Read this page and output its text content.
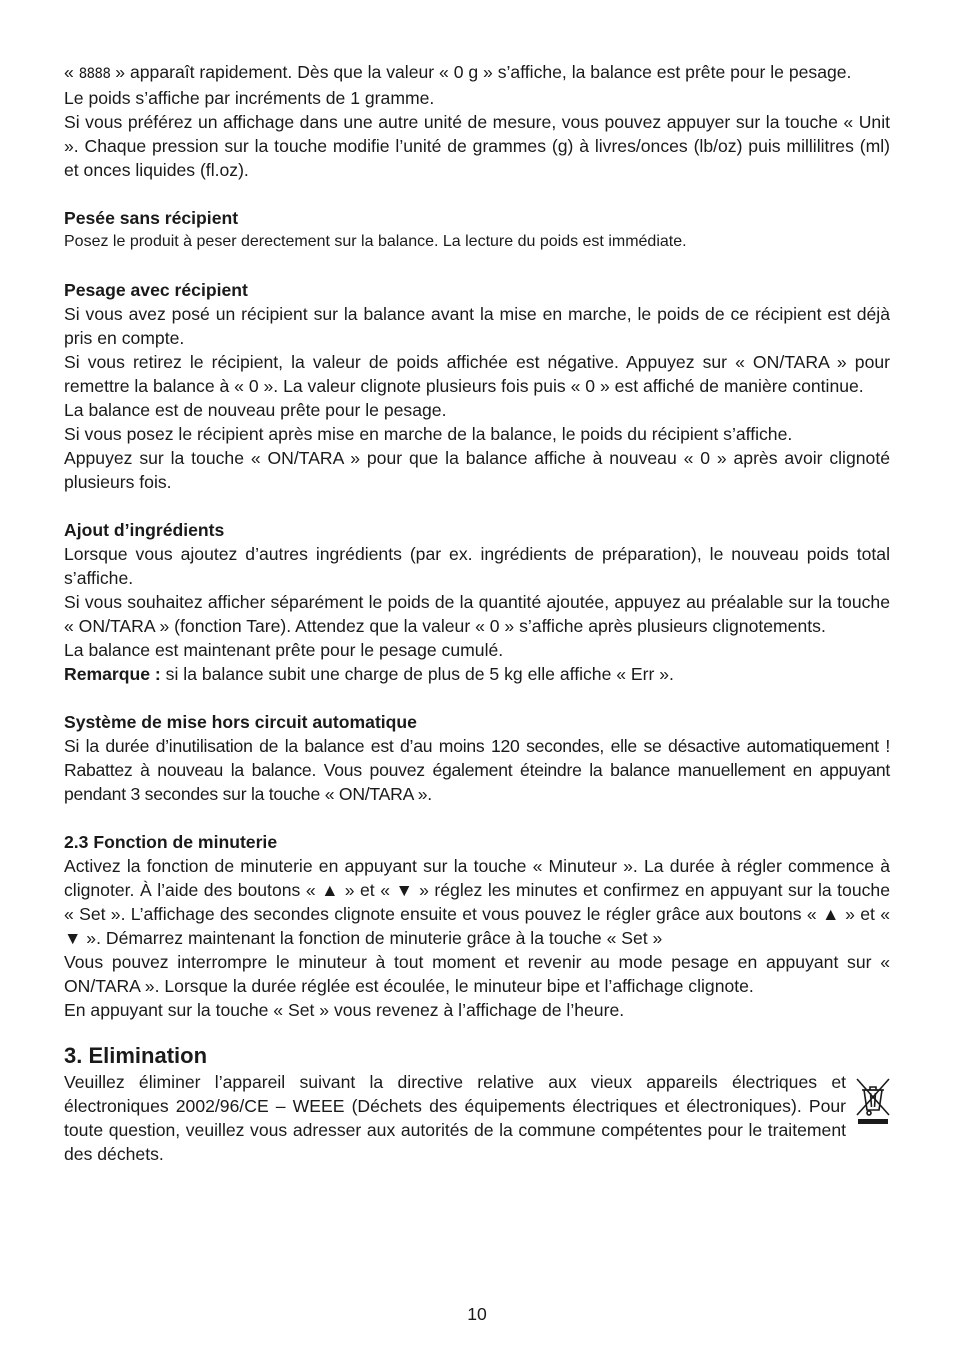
« 8888 » apparaît rapidement. Dès que la valeur « 0 g » s’affiche, la balance est prête pour le pesage.

Le poids s’affiche par incréments de 1 gramme.

Si vous préférez un affichage dans une autre unité de mesure, vous pouvez appuyer sur la touche « Unit ». Chaque pression sur la touche modifie l’unité de grammes (g) à livres/onces (lb/oz) puis millilitres (ml) et onces liquides (fl.oz).

Pesée sans récipient

Posez le produit à peser derectement sur la balance. La lecture du poids est immédiate.

Pesage avec récipient

Si vous avez posé un récipient sur la balance avant la mise en marche, le poids de ce récipient est déjà pris en compte.

Si vous retirez le récipient, la valeur de poids affichée est négative. Appuyez sur « ON/TARA » pour remettre la balance à « 0 ». La valeur clignote plusieurs fois puis « 0 » est affiché de manière continue.

La balance est de nouveau prête pour le pesage.

Si vous posez le récipient après mise en marche de la balance, le poids du récipient s’affiche.

Appuyez sur la touche « ON/TARA » pour que la balance affiche à nouveau « 0 » après avoir clignoté plusieurs fois.

Ajout d’ingrédients

Lorsque vous ajoutez d’autres ingrédients (par ex. ingrédients de préparation), le nouveau poids total s’affiche.

Si vous souhaitez afficher séparément le poids de la quantité ajoutée, appuyez au préalable sur la touche « ON/TARA » (fonction Tare). Attendez que la valeur « 0 » s’affiche après plusieurs clignotements.

La balance est maintenant prête pour le pesage cumulé.

Remarque : si la balance subit une charge de plus de 5 kg elle affiche « Err ».

Système de mise hors circuit automatique

Si la durée d’inutilisation de la balance est d’au moins 120 secondes, elle se désactive automatiquement ! Rabattez à nouveau la balance. Vous pouvez également éteindre la balance manuellement en appuyant pendant 3 secondes sur la touche « ON/TARA ».

2.3 Fonction de minuterie

Activez la fonction de minuterie en appuyant sur la touche « Minuteur ». La durée à régler commence à clignoter. À l’aide des boutons « ▲ » et « ▼ » réglez les minutes et confirmez en appuyant sur la touche « Set ». L’affichage des secondes clignote ensuite et vous pouvez le régler grâce aux boutons « ▲ » et « ▼ ». Démarrez maintenant la fonction de minuterie grâce à la touche « Set »

Vous pouvez interrompre le minuteur à tout moment et revenir au mode pesage en appuyant sur « ON/TARA ». Lorsque la durée réglée est écoulée, le minuteur bipe et l’affichage clignote.

En appuyant sur la touche « Set » vous revenez à l’affichage de l’heure.

3. Elimination

Veuillez éliminer l’appareil suivant la directive relative aux vieux appareils électriques et électroniques 2002/96/CE – WEEE (Déchets des équipements électriques et électroniques). Pour toute question, veuillez vous adresser aux autorités de la commune compétentes pour le traitement des déchets.

10
